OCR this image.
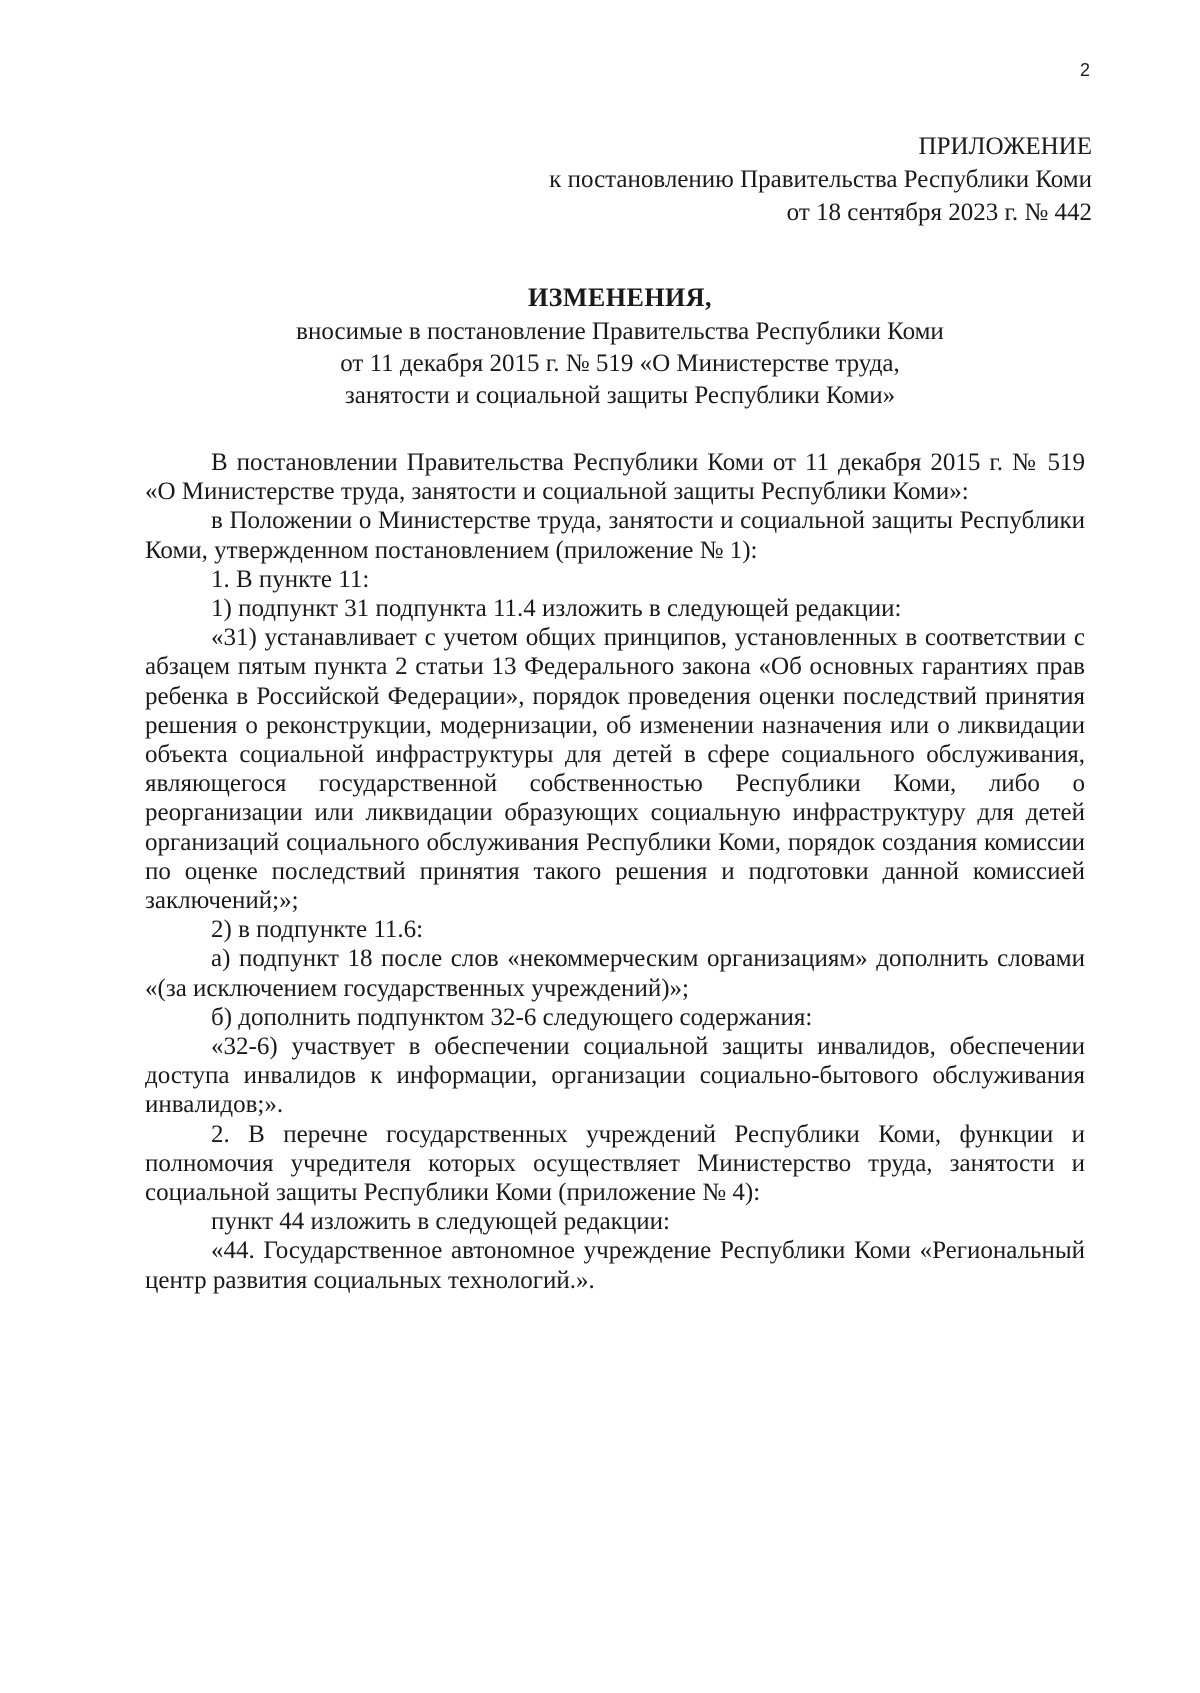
2
ПРИЛОЖЕНИЕ
к постановлению Правительства Республики Коми
от 18 сентября 2023 г. № 442
ИЗМЕНЕНИЯ,
вносимые в постановление Правительства Республики Коми
от 11 декабря 2015 г. № 519 «О Министерстве труда,
занятости и социальной защиты Республики Коми»

В постановлении Правительства Республики Коми от 11 декабря 2015 г. № 519 «О Министерстве труда, занятости и социальной защиты Республики Коми»:

в Положении о Министерстве труда, занятости и социальной защиты Республики Коми, утвержденном постановлением (приложение № 1):

1. В пункте 11:

1) подпункт 31 подпункта 11.4 изложить в следующей редакции:

«31) устанавливает с учетом общих принципов, установленных в соответствии с абзацем пятым пункта 2 статьи 13 Федерального закона «Об основных гарантиях прав ребенка в Российской Федерации», порядок проведения оценки последствий принятия решения о реконструкции, модернизации, об изменении назначения или о ликвидации объекта социальной инфраструктуры для детей в сфере социального обслуживания, являющегося государственной собственностью Республики Коми, либо о реорганизации или ликвидации образующих социальную инфраструктуру для детей организаций социального обслуживания Республики Коми, порядок создания комиссии по оценке последствий принятия такого решения и подготовки данной комиссией заключений;»;

2) в подпункте 11.6:

а) подпункт 18 после слов «некоммерческим организациям» дополнить словами «(за исключением государственных учреждений)»;

б) дополнить подпунктом 32-6 следующего содержания:

«32-6) участвует в обеспечении социальной защиты инвалидов, обеспечении доступа инвалидов к информации, организации социально-бытового обслуживания инвалидов;».

2. В перечне государственных учреждений Республики Коми, функции и полномочия учредителя которых осуществляет Министерство труда, занятости и социальной защиты Республики Коми (приложение № 4):

пункт 44 изложить в следующей редакции:

«44. Государственное автономное учреждение Республики Коми «Региональный центр развития социальных технологий.».
